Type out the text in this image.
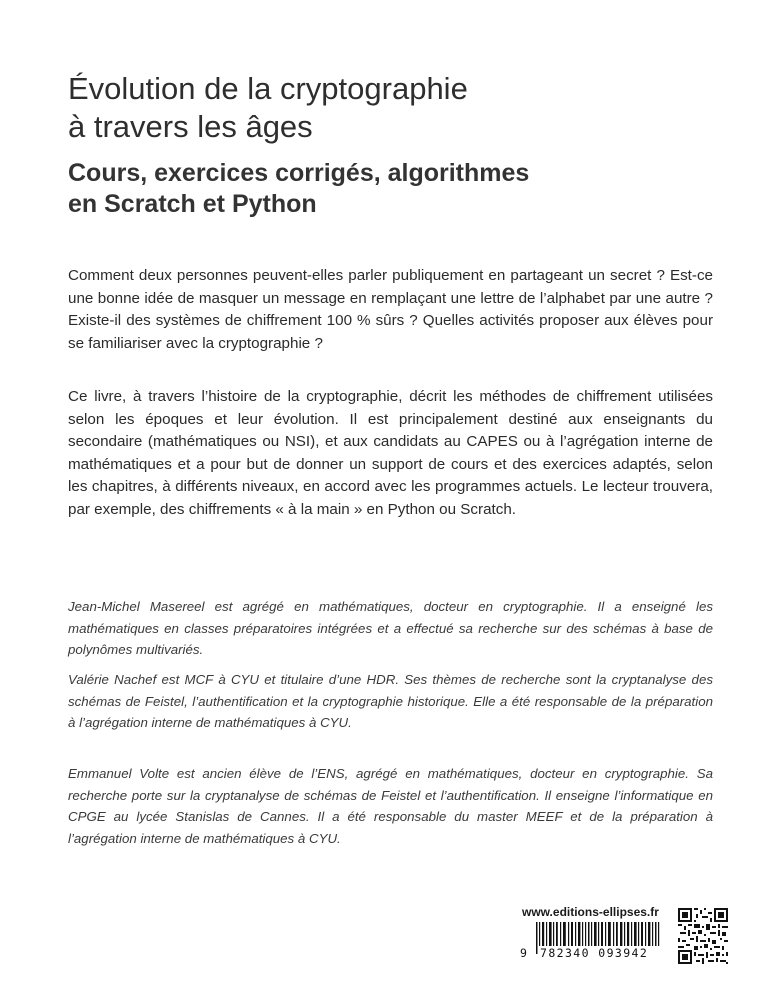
Évolution de la cryptographie
à travers les âges
Cours, exercices corrigés, algorithmes
en Scratch et Python

Comment deux personnes peuvent-elles parler publiquement en partageant un secret ? Est-ce une bonne idée de masquer un message en remplaçant une lettre de l’alphabet par une autre ? Existe-il des systèmes de chiffrement 100 % sûrs ? Quelles activités proposer aux élèves pour se familiariser avec la cryptographie ?

Ce livre, à travers l’histoire de la cryptographie, décrit les méthodes de chiffrement utilisées selon les époques et leur évolution. Il est principalement destiné aux enseignants du secondaire (mathématiques ou NSI), et aux candidats au CAPES ou à l’agrégation interne de mathématiques et a pour but de donner un support de cours et des exercices adaptés, selon les chapitres, à différents niveaux, en accord avec les programmes actuels. Le lecteur trouvera, par exemple, des chiffrements « à la main » en Python ou Scratch.

Jean-Michel Masereel est agrégé en mathématiques, docteur en cryptographie. Il a enseigné les mathématiques en classes préparatoires intégrées et a effectué sa recherche sur des schémas à base de polynômes multivariés.

Valérie Nachef est MCF à CYU et titulaire d’une HDR. Ses thèmes de recherche sont la cryptanalyse des schémas de Feistel, l’authentification et la cryptographie historique. Elle a été responsable de la préparation à l’agrégation interne de mathématiques à CYU.

Emmanuel Volte est ancien élève de l’ENS, agrégé en mathématiques, docteur en cryptographie. Sa recherche porte sur la cryptanalyse de schémas de Feistel et l’authentification. Il enseigne l’informatique en CPGE au lycée Stanislas de Cannes. Il a été responsable du master MEEF et de la préparation à l’agrégation interne de mathématiques à CYU.

www.editions-ellipses.fr
9 782340 093942
